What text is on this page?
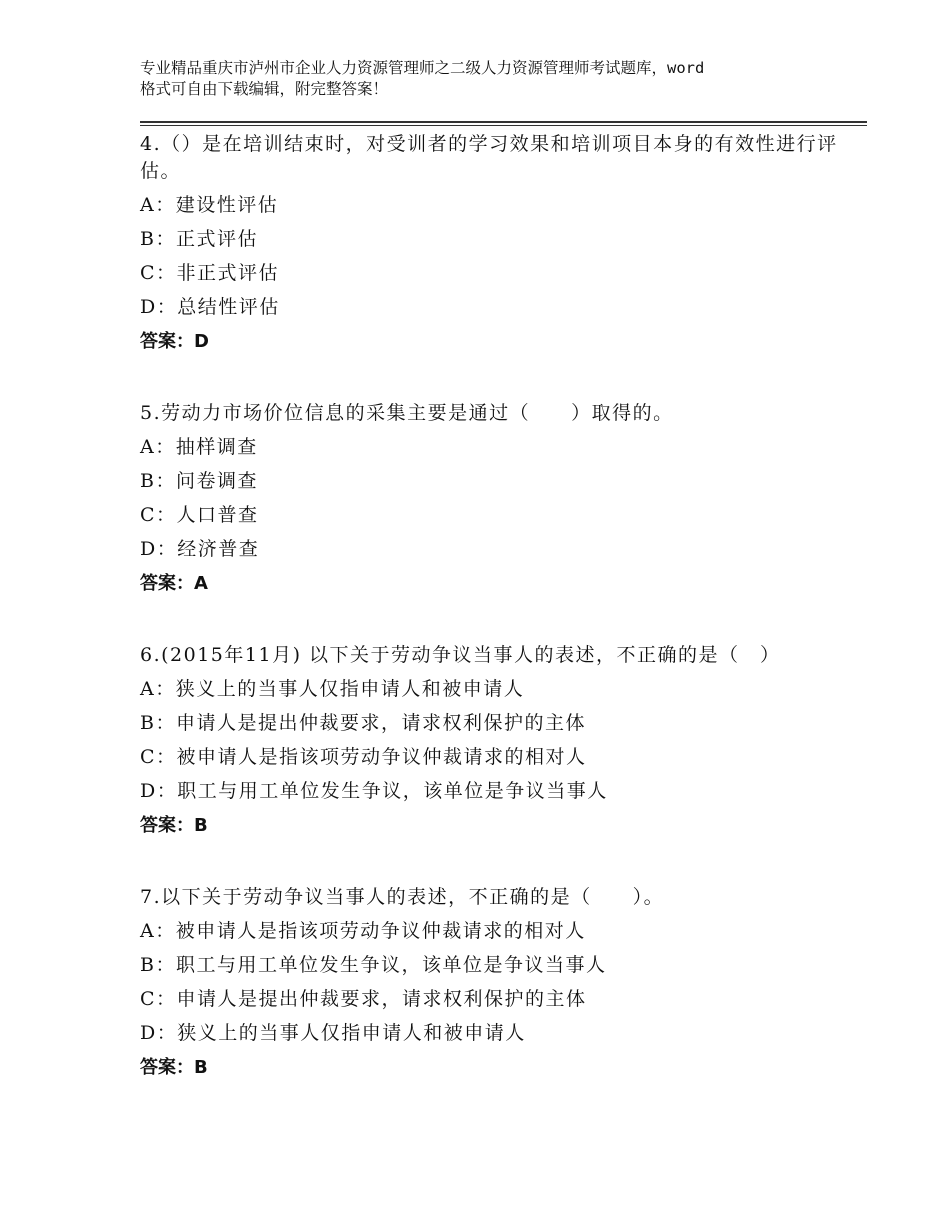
专业精品重庆市泸州市企业人力资源管理师之二级人力资源管理师考试题库，word
格式可自由下载编辑，附完整答案！
4.（）是在培训结束时，对受训者的学习效果和培训项目本身的有效性进行评估。
A：建设性评估
B：正式评估
C：非正式评估
D：总结性评估
答案：D
5.劳动力市场价位信息的采集主要是通过（　　）取得的。
A：抽样调查
B：问卷调查
C：人口普查
D：经济普查
答案：A
6.(2015年11月) 以下关于劳动争议当事人的表述，不正确的是（　）
A：狭义上的当事人仅指申请人和被申请人
B：申请人是提出仲裁要求，请求权利保护的主体
C：被申请人是指该项劳动争议仲裁请求的相对人
D：职工与用工单位发生争议，该单位是争议当事人
答案：B
7.以下关于劳动争议当事人的表述，不正确的是（　　）。
A：被申请人是指该项劳动争议仲裁请求的相对人
B：职工与用工单位发生争议，该单位是争议当事人
C：申请人是提出仲裁要求，请求权利保护的主体
D：狭义上的当事人仅指申请人和被申请人
答案：B
